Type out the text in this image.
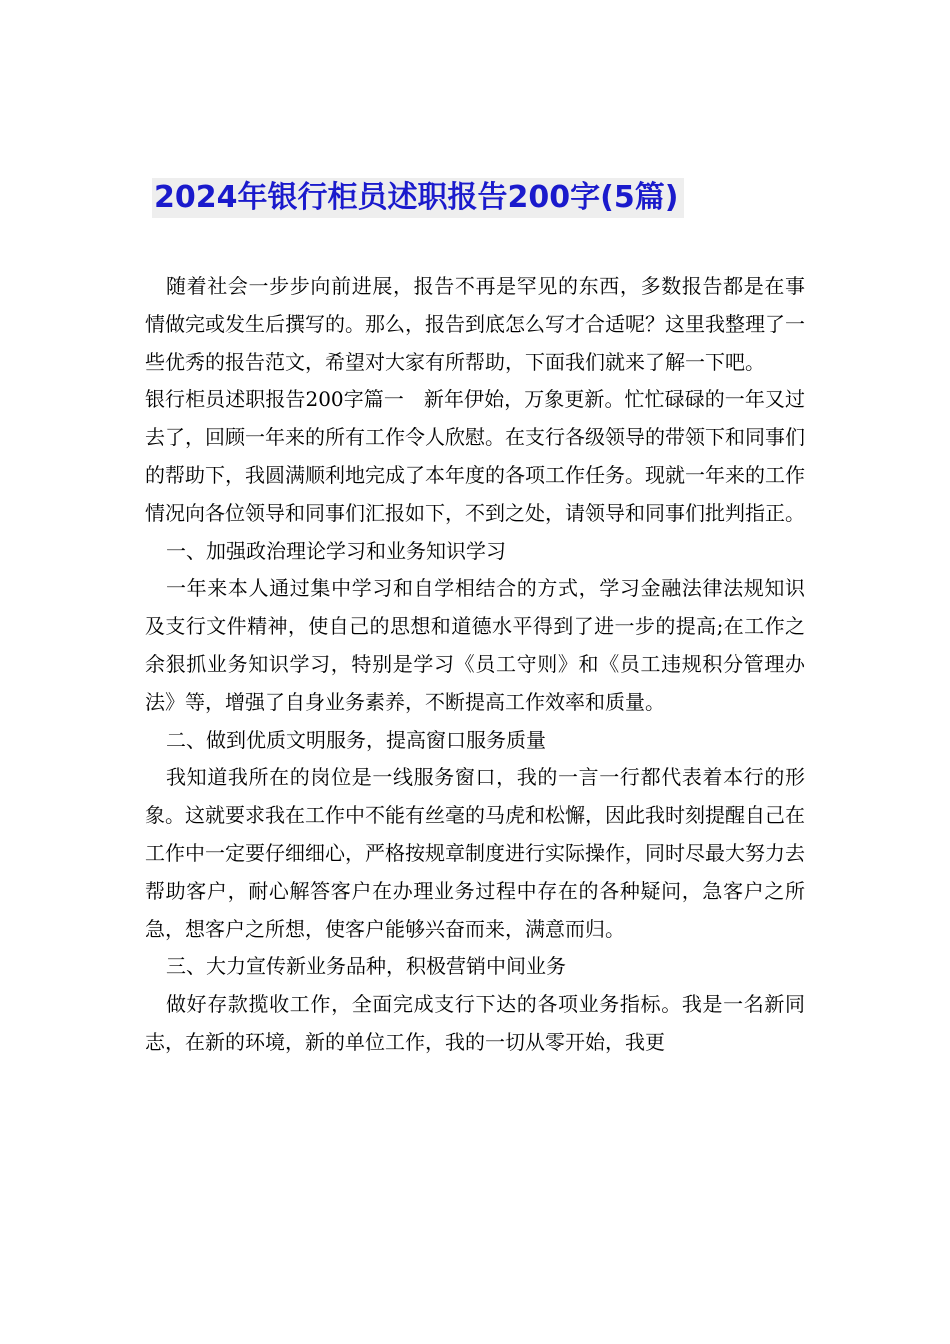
2024年银行柜员述职报告200字(5篇)

随着社会一步步向前进展，报告不再是罕见的东西，多数报告都是在事情做完或发生后撰写的。那么，报告到底怎么写才合适呢？这里我整理了一些优秀的报告范文，希望对大家有所帮助，下面我们就来了解一下吧。

银行柜员述职报告200字篇一　新年伊始，万象更新。忙忙碌碌的一年又过去了，回顾一年来的所有工作令人欣慰。在支行各级领导的带领下和同事们的帮助下，我圆满顺利地完成了本年度的各项工作任务。现就一年来的工作情况向各位领导和同事们汇报如下，不到之处，请领导和同事们批判指正。

一、加强政治理论学习和业务知识学习

一年来本人通过集中学习和自学相结合的方式，学习金融法律法规知识及支行文件精神，使自己的思想和道德水平得到了进一步的提高;在工作之余狠抓业务知识学习，特别是学习《员工守则》和《员工违规积分管理办法》等，增强了自身业务素养，不断提高工作效率和质量。

二、做到优质文明服务，提高窗口服务质量

我知道我所在的岗位是一线服务窗口，我的一言一行都代表着本行的形象。这就要求我在工作中不能有丝毫的马虎和松懈，因此我时刻提醒自己在工作中一定要仔细细心，严格按规章制度进行实际操作，同时尽最大努力去帮助客户，耐心解答客户在办理业务过程中存在的各种疑问，急客户之所急，想客户之所想，使客户能够兴奋而来，满意而归。

三、大力宣传新业务品种，积极营销中间业务

做好存款揽收工作，全面完成支行下达的各项业务指标。我是一名新同志，在新的环境，新的单位工作，我的一切从零开始，我更
